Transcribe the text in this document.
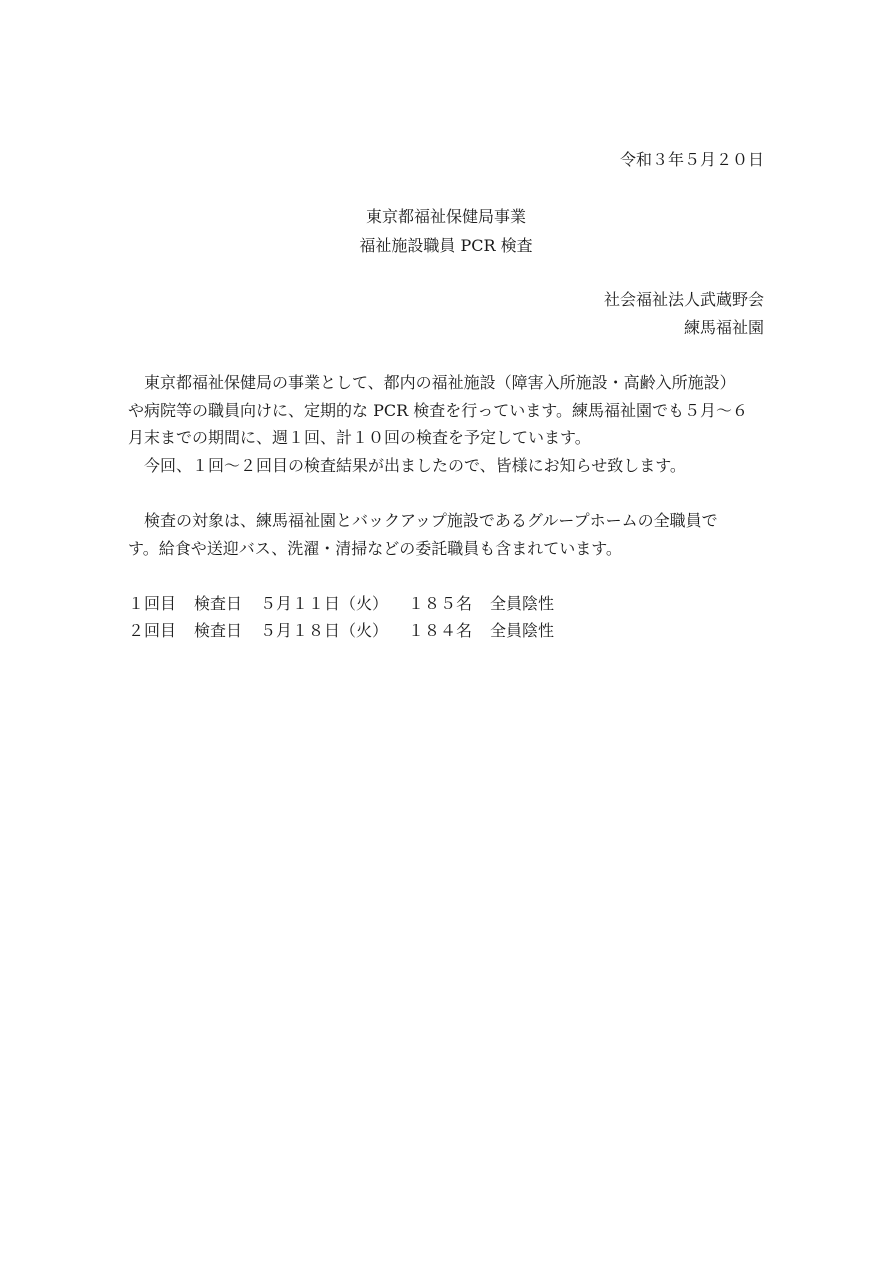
令和３年５月２０日
東京都福祉保健局事業
福祉施設職員 PCR 検査
社会福祉法人武蔵野会
練馬福祉園
東京都福祉保健局の事業として、都内の福祉施設（障害入所施設・高齢入所施設）
や病院等の職員向けに、定期的な PCR 検査を行っています。練馬福祉園でも５月～６
月末までの期間に、週１回、計１０回の検査を予定しています。
今回、１回～２回目の検査結果が出ましたので、皆様にお知らせ致します。
検査の対象は、練馬福祉園とバックアップ施設であるグループホームの全職員で
す。給食や送迎バス、洗濯・清掃などの委託職員も含まれています。
１回目 検査日 ５月１１日（火） １８５名 全員陰性
２回目 検査日 ５月１８日（火） １８４名 全員陰性
